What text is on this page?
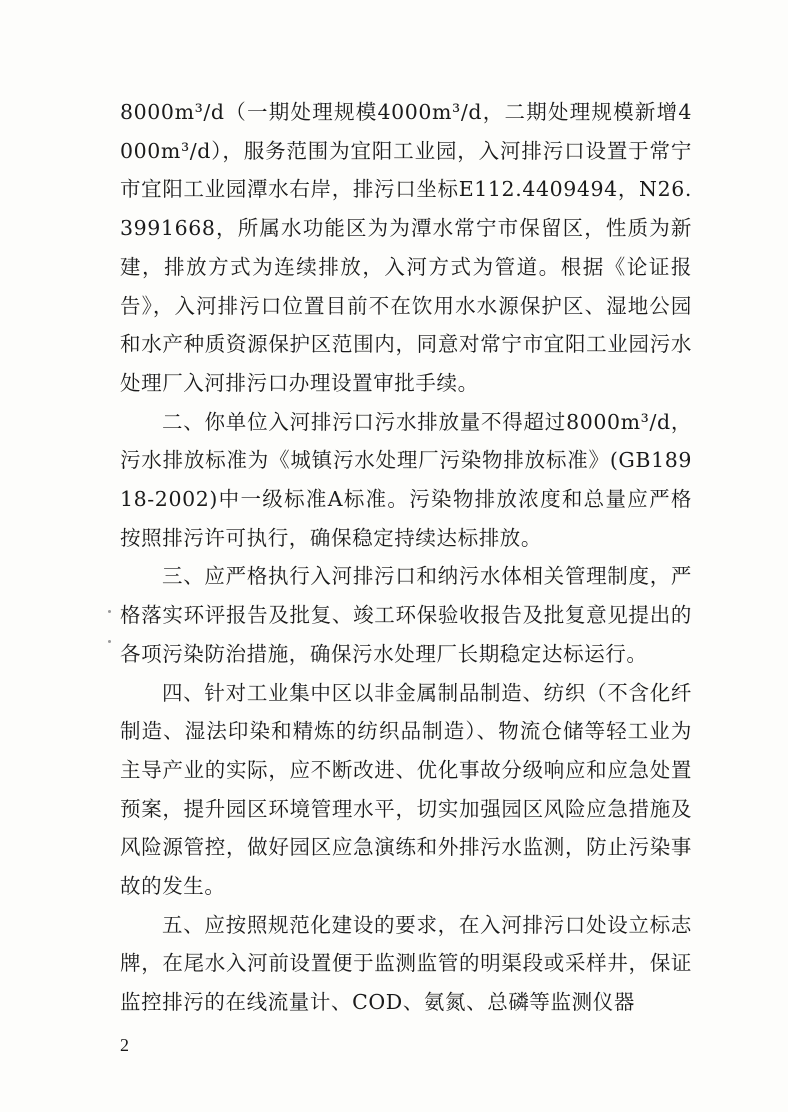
8000m³/d（一期处理规模4000m³/d，二期处理规模新增4000m³/d），服务范围为宜阳工业园，入河排污口设置于常宁市宜阳工业园潭水右岸，排污口坐标E112.4409494，N26.3991668，所属水功能区为为潭水常宁市保留区，性质为新建，排放方式为连续排放，入河方式为管道。根据《论证报告》，入河排污口位置目前不在饮用水水源保护区、湿地公园和水产种质资源保护区范围内，同意对常宁市宜阳工业园污水处理厂入河排污口办理设置审批手续。

二、你单位入河排污口污水排放量不得超过8000m³/d，污水排放标准为《城镇污水处理厂污染物排放标准》(GB18918-2002)中一级标准A标准。污染物排放浓度和总量应严格按照排污许可执行，确保稳定持续达标排放。

三、应严格执行入河排污口和纳污水体相关管理制度，严格落实环评报告及批复、竣工环保验收报告及批复意见提出的各项污染防治措施，确保污水处理厂长期稳定达标运行。

四、针对工业集中区以非金属制品制造、纺织（不含化纤制造、湿法印染和精炼的纺织品制造）、物流仓储等轻工业为主导产业的实际，应不断改进、优化事故分级响应和应急处置预案，提升园区环境管理水平，切实加强园区风险应急措施及风险源管控，做好园区应急演练和外排污水监测，防止污染事故的发生。

五、应按照规范化建设的要求，在入河排污口处设立标志牌，在尾水入河前设置便于监测监管的明渠段或采样井，保证监控排污的在线流量计、COD、氨氮、总磷等监测仪器

2
